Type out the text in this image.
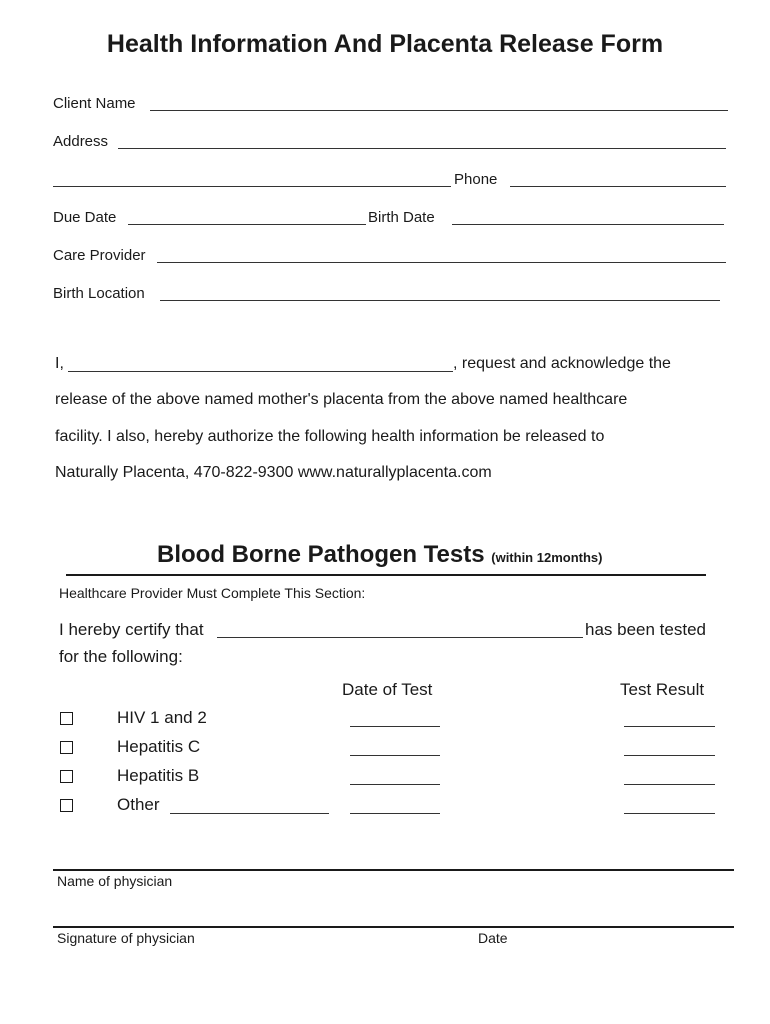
Health Information And Placenta Release Form
Client Name
Address
Phone
Due Date	Birth Date
Care Provider
Birth Location
I,	, request and acknowledge the
release of the above named mother's placenta from the above named healthcare
facility. I also, hereby authorize the following health information be released to
Naturally Placenta, 470-822-9300 www.naturallyplacenta.com
Blood Borne Pathogen Tests (within 12months)
Healthcare Provider Must Complete This Section:
I hereby certify that	has been tested
for the following:
Date of Test	Test Result
HIV 1 and 2
Hepatitis C
Hepatitis B
Other
Name of physician
Signature of physician	Date
